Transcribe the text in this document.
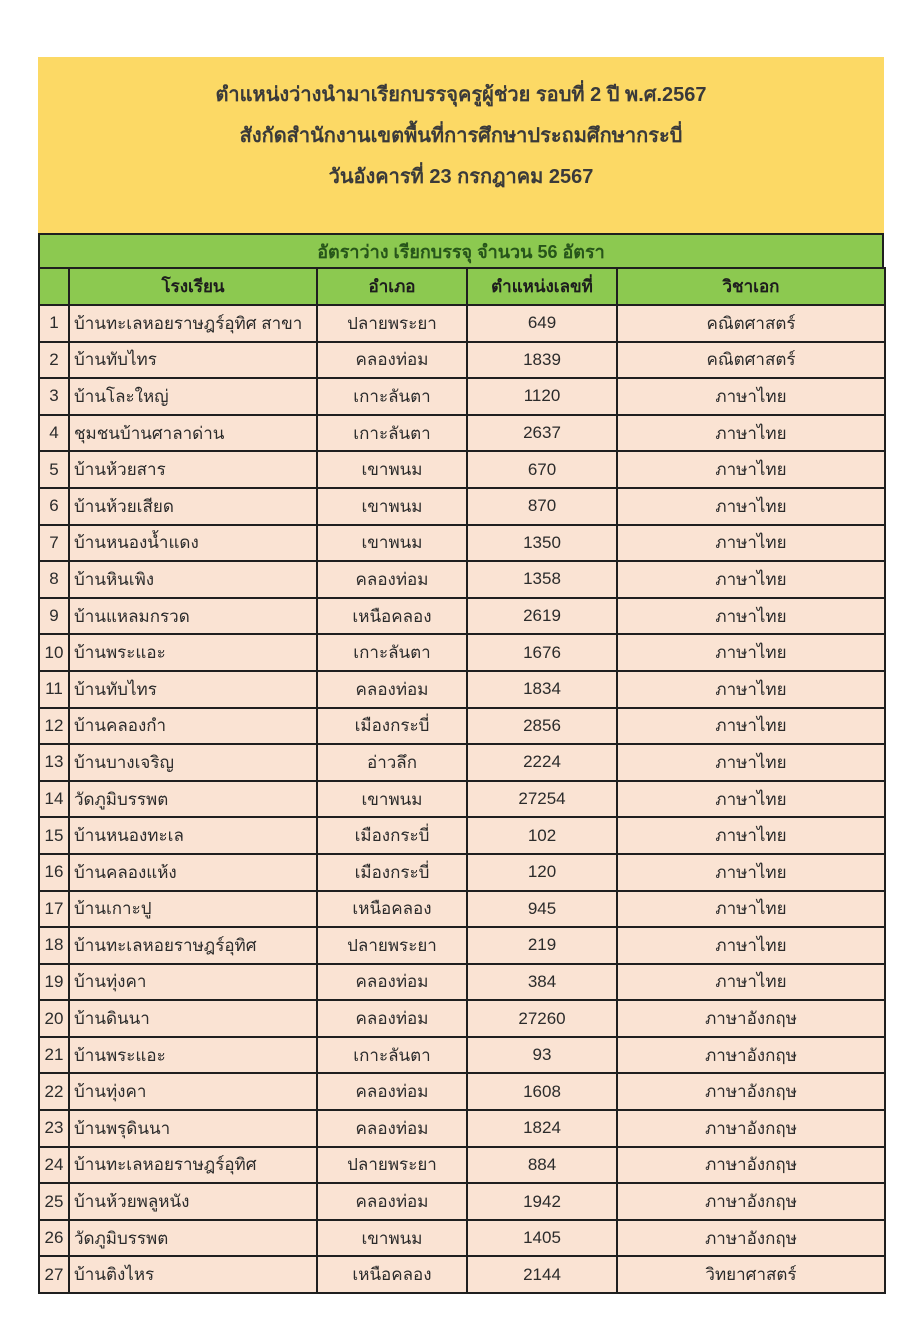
ตำแหน่งว่างนำมาเรียกบรรจุครูผู้ช่วย รอบที่ 2 ปี พ.ศ.2567
สังกัดสำนักงานเขตพื้นที่การศึกษาประถมศึกษากระบี่
วันอังคารที่ 23 กรกฎาคม 2567
อัตราว่าง เรียกบรรจุ จำนวน 56 อัตรา
	โรงเรียน	อำเภอ	ตำแหน่งเลขที่	วิชาเอก
1	บ้านทะเลหอยราษฎร์อุทิศ สาขา	ปลายพระยา	649	คณิตศาสตร์
2	บ้านทับไทร	คลองท่อม	1839	คณิตศาสตร์
3	บ้านโละใหญ่	เกาะลันตา	1120	ภาษาไทย
4	ชุมชนบ้านศาลาด่าน	เกาะลันตา	2637	ภาษาไทย
5	บ้านห้วยสาร	เขาพนม	670	ภาษาไทย
6	บ้านห้วยเสียด	เขาพนม	870	ภาษาไทย
7	บ้านหนองน้ำแดง	เขาพนม	1350	ภาษาไทย
8	บ้านหินเพิง	คลองท่อม	1358	ภาษาไทย
9	บ้านแหลมกรวด	เหนือคลอง	2619	ภาษาไทย
10	บ้านพระแอะ	เกาะลันตา	1676	ภาษาไทย
11	บ้านทับไทร	คลองท่อม	1834	ภาษาไทย
12	บ้านคลองกำ	เมืองกระบี่	2856	ภาษาไทย
13	บ้านบางเจริญ	อ่าวลึก	2224	ภาษาไทย
14	วัดภูมิบรรพต	เขาพนม	27254	ภาษาไทย
15	บ้านหนองทะเล	เมืองกระบี่	102	ภาษาไทย
16	บ้านคลองแห้ง	เมืองกระบี่	120	ภาษาไทย
17	บ้านเกาะปู	เหนือคลอง	945	ภาษาไทย
18	บ้านทะเลหอยราษฎร์อุทิศ	ปลายพระยา	219	ภาษาไทย
19	บ้านทุ่งคา	คลองท่อม	384	ภาษาไทย
20	บ้านดินนา	คลองท่อม	27260	ภาษาอังกฤษ
21	บ้านพระแอะ	เกาะลันตา	93	ภาษาอังกฤษ
22	บ้านทุ่งคา	คลองท่อม	1608	ภาษาอังกฤษ
23	บ้านพรุดินนา	คลองท่อม	1824	ภาษาอังกฤษ
24	บ้านทะเลหอยราษฎร์อุทิศ	ปลายพระยา	884	ภาษาอังกฤษ
25	บ้านห้วยพลูหนัง	คลองท่อม	1942	ภาษาอังกฤษ
26	วัดภูมิบรรพต	เขาพนม	1405	ภาษาอังกฤษ
27	บ้านติงไหร	เหนือคลอง	2144	วิทยาศาสตร์
